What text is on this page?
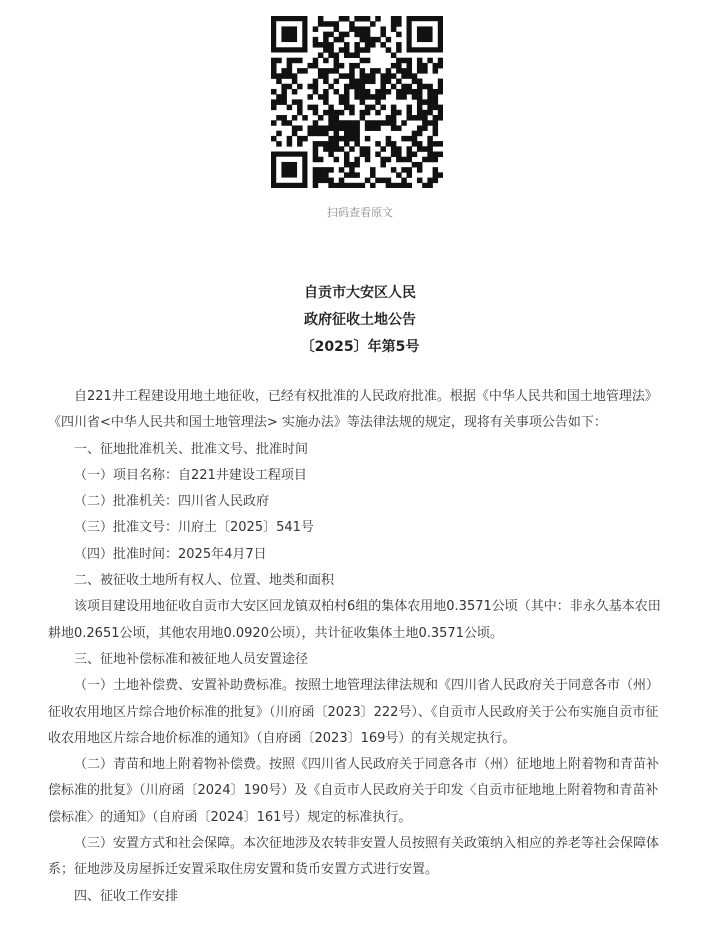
扫码查看原文
自贡市大安区人民
政府征收土地公告
〔2025〕年第5号

自221井工程建设用地土地征收，已经有权批准的人民政府批准。根据《中华人民共和国土地管理法》《四川省<中华人民共和国土地管理法> 实施办法》等法律法规的规定，现将有关事项公告如下：

一、征地批准机关、批准文号、批准时间

（一）项目名称：自221井建设工程项目

（二）批准机关：四川省人民政府

（三）批准文号：川府土〔2025〕541号

（四）批准时间：2025年4月7日

二、被征收土地所有权人、位置、地类和面积

该项目建设用地征收自贡市大安区回龙镇双柏村6组的集体农用地0.3571公顷（其中：非永久基本农田耕地0.2651公顷，其他农用地0.0920公顷），共计征收集体土地0.3571公顷。

三、征地补偿标准和被征地人员安置途径

（一）土地补偿费、安置补助费标准。按照土地管理法律法规和《四川省人民政府关于同意各市（州）征收农用地区片综合地价标准的批复》（川府函〔2023〕222号）、《自贡市人民政府关于公布实施自贡市征收农用地区片综合地价标准的通知》（自府函〔2023〕169号）的有关规定执行。

（二）青苗和地上附着物补偿费。按照《四川省人民政府关于同意各市（州）征地地上附着物和青苗补偿标准的批复》（川府函〔2024〕190号）及《自贡市人民政府关于印发〈自贡市征地地上附着物和青苗补偿标准〉的通知》（自府函〔2024〕161号）规定的标准执行。

（三）安置方式和社会保障。本次征地涉及农转非安置人员按照有关政策纳入相应的养老等社会保障体系；征地涉及房屋拆迁安置采取住房安置和货币安置方式进行安置。

四、征收工作安排
